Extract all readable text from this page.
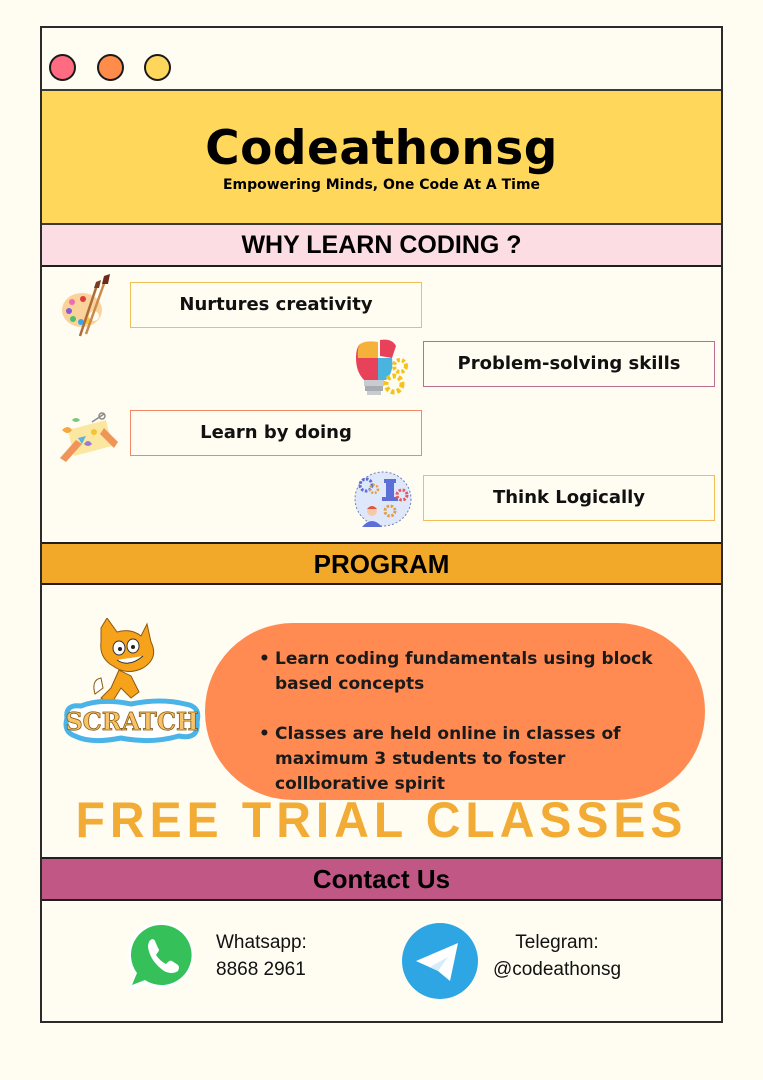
Codeathonsg
Empowering Minds, One Code At A Time
WHY LEARN CODING ?
Nurtures creativity
Problem-solving skills
Learn by doing
Think Logically
PROGRAM
SCRATCH
• Learn coding fundamentals using block based concepts
• Classes are held online in classes of maximum 3 students to foster collborative spirit
FREE TRIAL CLASSES
Contact Us
Whatsapp:
8868 2961
Telegram:
@codeathonsg
